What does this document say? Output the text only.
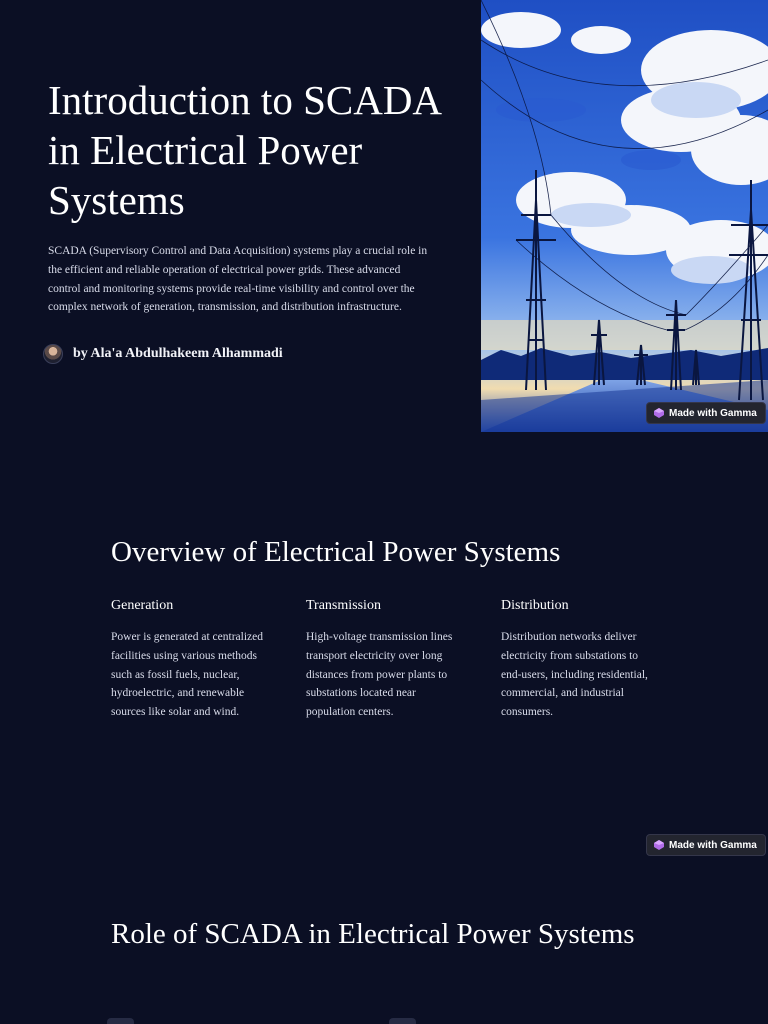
Introduction to SCADA in Electrical Power Systems

SCADA (Supervisory Control and Data Acquisition) systems play a crucial role in the efficient and reliable operation of electrical power grids. These advanced control and monitoring systems provide real-time visibility and control over the complex network of generation, transmission, and distribution infrastructure.

by Ala'a Abdulhakeem Alhammadi
Made with Gamma
Overview of Electrical Power Systems
Generation

Power is generated at centralized facilities using various methods such as fossil fuels, nuclear, hydroelectric, and renewable sources like solar and wind.

Transmission

High-voltage transmission lines transport electricity over long distances from power plants to substations located near population centers.

Distribution

Distribution networks deliver electricity from substations to end-users, including residential, commercial, and industrial consumers.

Made with Gamma
Role of SCADA in Electrical Power Systems
